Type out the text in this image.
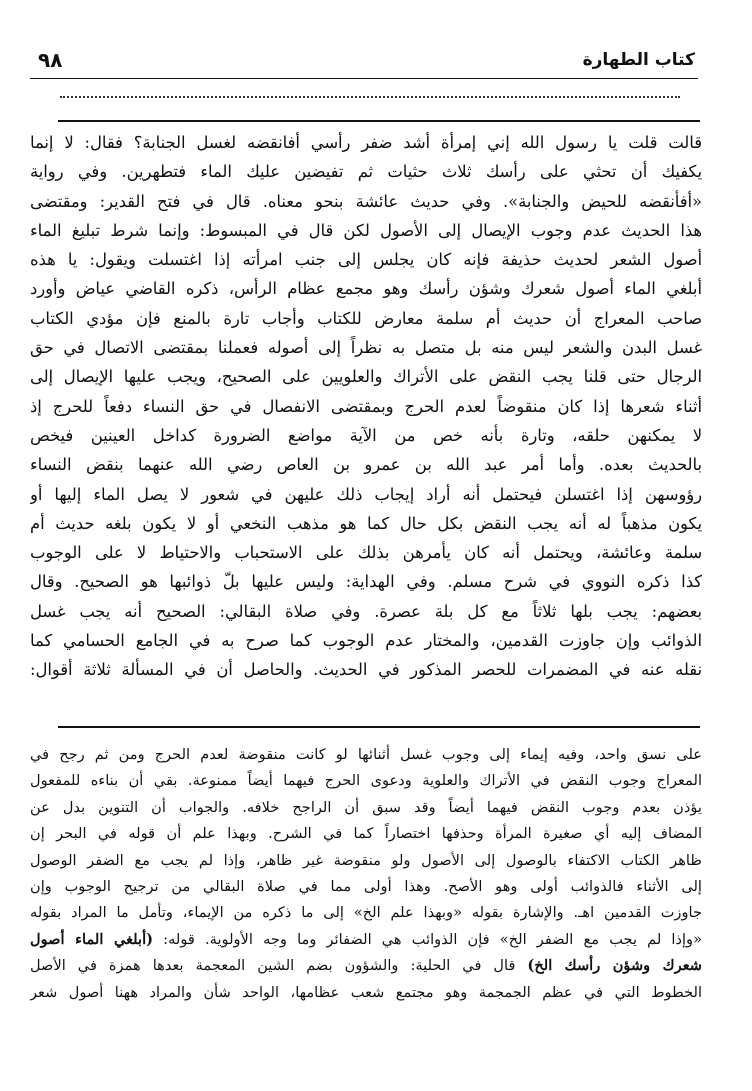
٩٨	كتاب الطهارة
قالت قلت يا رسول الله إني إمرأة أشد ضفر رأسي أفانقضه لغسل الجنابة؟ فقال: لا إنما
يكفيك أن تحثي على رأسك ثلاث حثيات ثم تفيضين عليك الماء فتطهرين. وفي رواية
«أفأنقضه للحيض والجنابة». وفي حديث عائشة بنحو معناه. قال في فتح القدير: ومقتضى
هذا الحديث عدم وجوب الإيصال إلى الأصول لكن قال في المبسوط: وإنما شرط تبليغ الماء
أصول الشعر لحديث حذيفة فإنه كان يجلس إلى جنب امرأته إذا اغتسلت ويقول: يا هذه
أبلغي الماء أصول شعرك وشؤن رأسك وهو مجمع عظام الرأس، ذكره القاضي عياض وأورد
صاحب المعراج أن حديث أم سلمة معارض للكتاب وأجاب تارة بالمنع فإن مؤدي الكتاب
غسل البدن والشعر ليس منه بل متصل به نظراً إلى أصوله فعملنا بمقتضى الاتصال في حق
الرجال حتى قلنا يجب النقض على الأتراك والعلويين على الصحيح، ويجب عليها الإيصال إلى
أثناء شعرها إذا كان منقوضاً لعدم الحرج وبمقتضى الانفصال في حق النساء دفعاً للحرج إذ
لا يمكنهن حلقه، وتارة بأنه خص من الآية مواضع الضرورة كداخل العينين فيخص
بالحديث بعده. وأما أمر عبد الله بن عمرو بن العاص رضي الله عنهما بنقض النساء
رؤوسهن إذا اغتسلن فيحتمل أنه أراد إيجاب ذلك عليهن في شعور لا يصل الماء إليها أو
يكون مذهباً له أنه يجب النقض بكل حال كما هو مذهب النخعي أو لا يكون بلغه حديث أم
سلمة وعائشة، ويحتمل أنه كان يأمرهن بذلك على الاستحباب والاحتياط لا على الوجوب
كذا ذكره النووي في شرح مسلم. وفي الهداية: وليس عليها بلّ ذوائبها هو الصحيح. وقال
بعضهم: يجب بلها ثلاثاً مع كل بلة عصرة. وفي صلاة البقالي: الصحيح أنه يجب غسل
الذوائب وإن جاوزت القدمين، والمختار عدم الوجوب كما صرح به في الجامع الحسامي كما
نقله عنه في المضمرات للحصر المذكور في الحديث. والحاصل أن في المسألة ثلاثة أقوال:
على نسق واحد، وفيه إيماء إلى وجوب غسل أثنائها لو كانت منقوضة لعدم الحرج ومن ثم رجح في
المعراج وجوب النقض في الأتراك والعلوية ودعوى الحرج فيهما أيضاً ممنوعة. بقي أن بناءه للمفعول
يؤذن بعدم وجوب النقض فيهما أيضاً وقد سبق أن الراجح خلافه. والجواب أن التنوين بدل عن
المضاف إليه أي صغيرة المرأة وحذفها اختصاراً كما في الشرح. وبهذا علم أن قوله في البحر إن
ظاهر الكتاب الاكتفاء بالوصول إلى الأصول ولو منقوضة غير ظاهر، وإذا لم يجب مع الضفر الوصول
إلى الأثناء فالذوائب أولى وهو الأصح. وهذا أولى مما في صلاة البقالي من ترجيح الوجوب وإن
جاوزت القدمين اهـ. والإشارة بقوله «وبهذا علم الخ» إلى ما ذكره من الإيماء، وتأمل ما المراد بقوله
«وإذا لم يجب مع الضفر الخ» فإن الذوائب هي الضفائر وما وجه الأولوية. قوله: (أبلغي الماء أصول
شعرك وشؤن رأسك الخ) قال في الحلية: والشؤون بضم الشين المعجمة بعدها همزة في الأصل
الخطوط التي في عظم الجمجمة وهو مجتمع شعب عظامها، الواحد شأن والمراد ههنا أصول شعر
